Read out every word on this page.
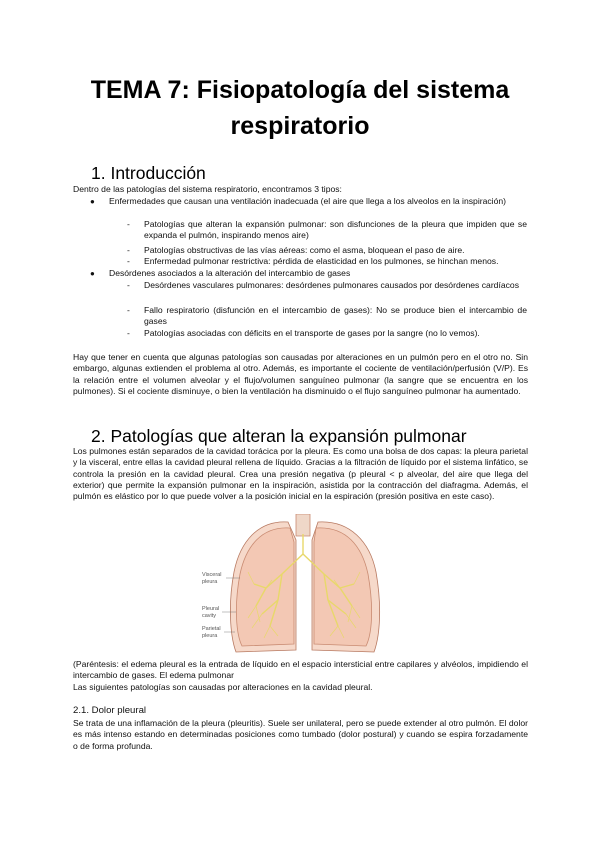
TEMA 7: Fisiopatología del sistema respiratorio
1. Introducción
Dentro de las patologías del sistema respiratorio, encontramos 3 tipos:
● Enfermedades que causan una ventilación inadecuada (el aire que llega a los alveolos en la inspiración)
- Patologías que alteran la expansión pulmonar: son disfunciones de la pleura que impiden que se expanda el pulmón, inspirando menos aire)
- Patologías obstructivas de las vías aéreas: como el asma, bloquean el paso de aire.
- Enfermedad pulmonar restrictiva: pérdida de elasticidad en los pulmones, se hinchan menos.
● Desórdenes asociados a la alteración del intercambio de gases
- Desórdenes vasculares pulmonares: desórdenes pulmonares causados por desórdenes cardíacos
- Fallo respiratorio (disfunción en el intercambio de gases): No se produce bien el intercambio de gases
- Patologías asociadas con déficits en el transporte de gases por la sangre (no lo vemos).
Hay que tener en cuenta que algunas patologías son causadas por alteraciones en un pulmón pero en el otro no. Sin embargo, algunas extienden el problema al otro. Además, es importante el cociente de ventilación/perfusión (V/P). Es la relación entre el volumen alveolar y el flujo/volumen sanguíneo pulmonar (la sangre que se encuentra en los pulmones). Si el cociente disminuye, o bien la ventilación ha disminuido o el flujo sanguíneo pulmonar ha aumentado.
2. Patologías que alteran la expansión pulmonar
Los pulmones están separados de la cavidad torácica por la pleura. Es como una bolsa de dos capas: la pleura parietal y la visceral, entre ellas la cavidad pleural rellena de líquido. Gracias a la filtración de líquido por el sistema linfático, se controla la presión en la cavidad pleural. Crea una presión negativa (p pleural < p alveolar, del aire que llega del exterior) que permite la expansión pulmonar en la inspiración, asistida por la contracción del diafragma. Además, el pulmón es elástico por lo que puede volver a la posición inicial en la espiración (presión positiva en este caso).
Visceral
pleura
Pleural
cavity
Parietal
pleura
(Paréntesis: el edema pleural es la entrada de líquido en el espacio intersticial entre capilares y alvéolos, impidiendo el intercambio de gases. El edema pulmonar
Las siguientes patologías son causadas por alteraciones en la cavidad pleural.
2.1. Dolor pleural
Se trata de una inflamación de la pleura (pleuritis). Suele ser unilateral, pero se puede extender al otro pulmón. El dolor es más intenso estando en determinadas posiciones como tumbado (dolor postural) y cuando se espira forzadamente o de forma profunda.
